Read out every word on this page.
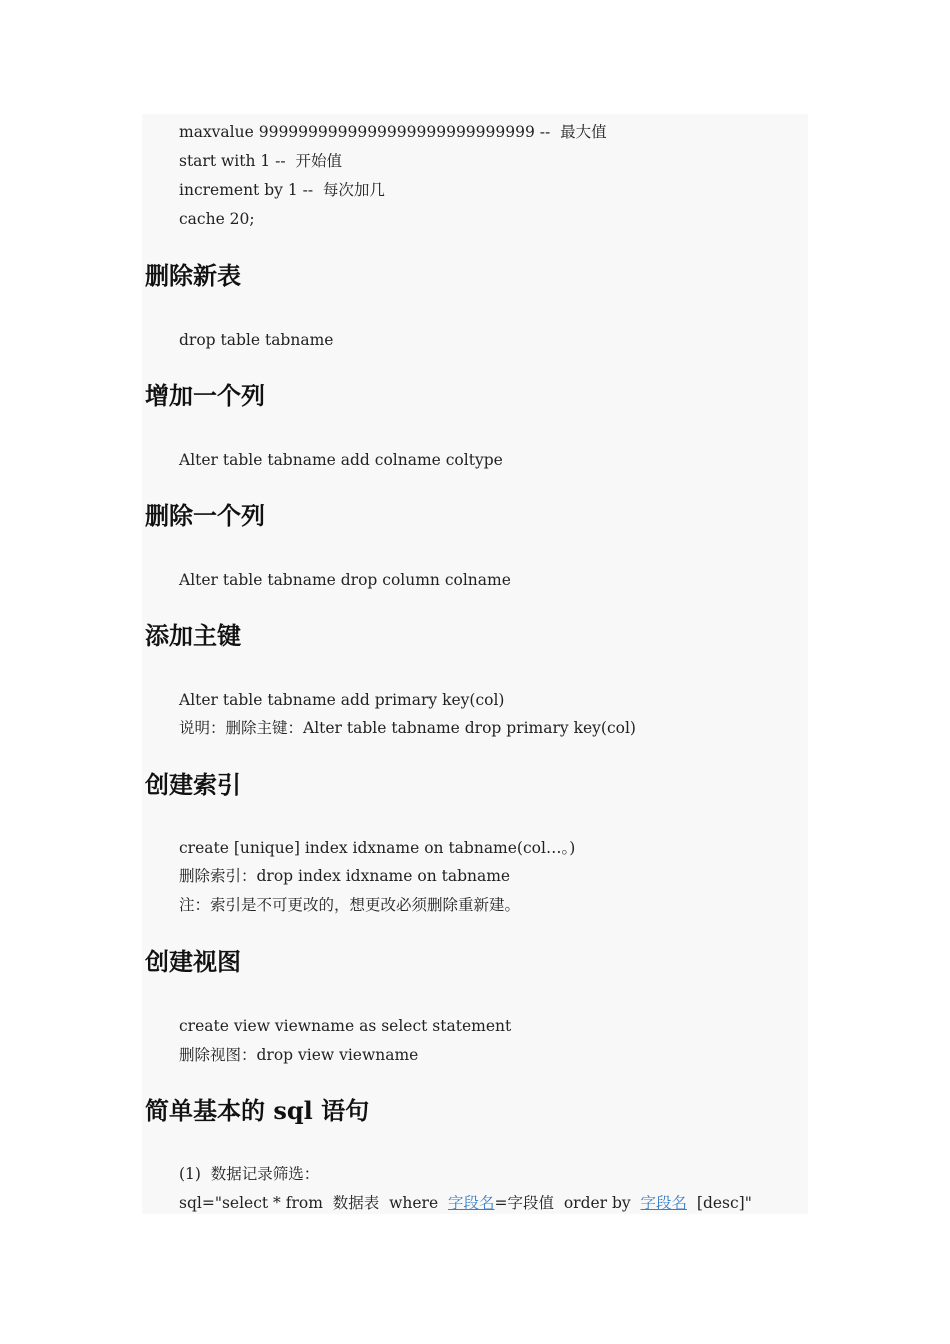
maxvalue 9999999999999999999999999999 --  最大值
start with 1 --  开始值
increment by 1 --  每次加几
cache 20;
删除新表
drop table tabname
增加一个列
Alter table tabname add colname coltype
删除一个列
Alter table tabname drop column colname
添加主键
Alter table tabname add primary key(col)
说明：删除主键：Alter table tabname drop primary key(col)
创建索引
create [unique] index idxname on tabname(col…。)
删除索引：drop index idxname on tabname
注：索引是不可更改的，想更改必须删除重新建。
创建视图
create view viewname as select statement
删除视图：drop view viewname
简单基本的 sql 语句
(1)  数据记录筛选：
sql="select * from  数据表  where  字段名=字段值  order by  字段名  [desc]"
